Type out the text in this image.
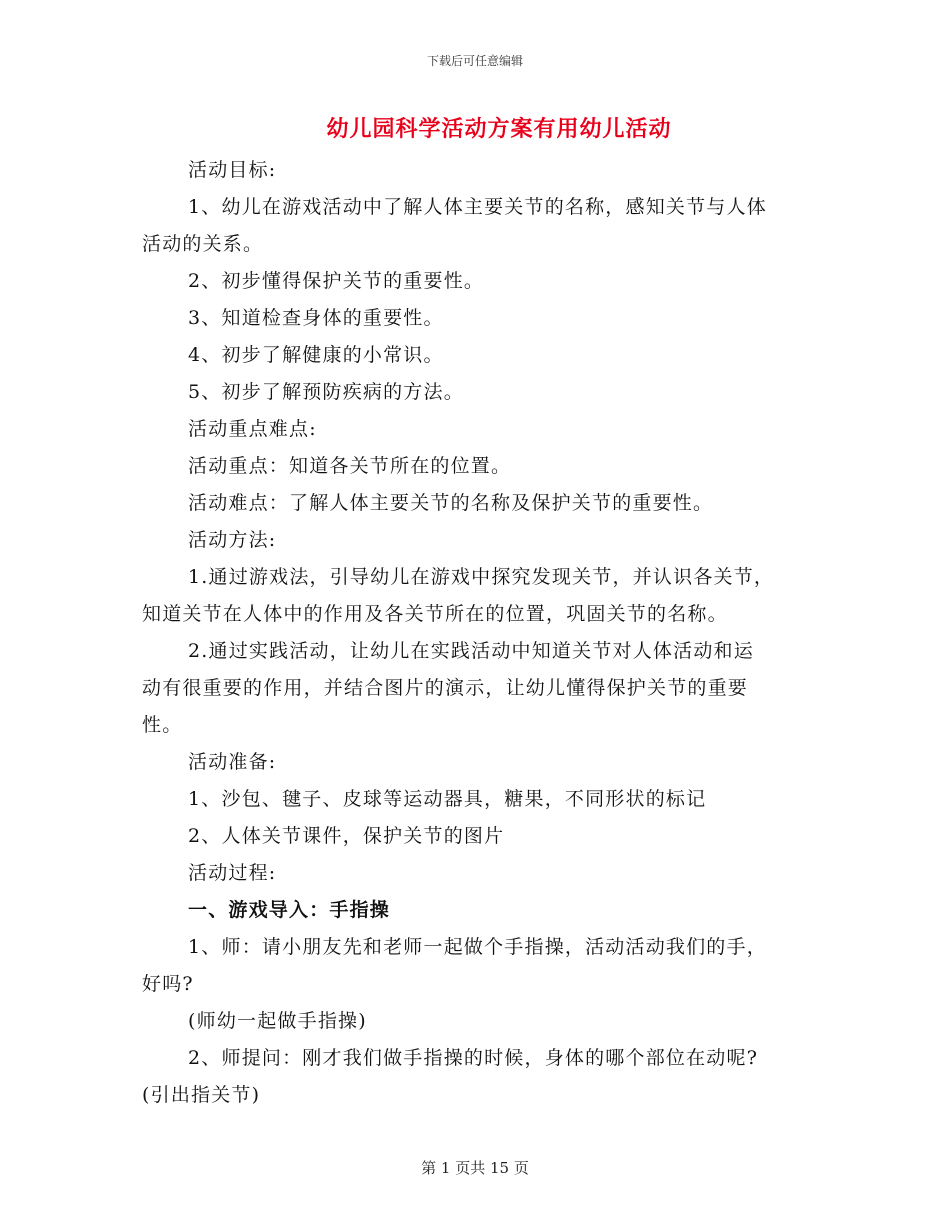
下载后可任意编辑
幼儿园科学活动方案有用幼儿活动

活动目标:

1、幼儿在游戏活动中了解人体主要关节的名称，感知关节与人体

活动的关系。

2、初步懂得保护关节的重要性。

3、知道检查身体的重要性。

4、初步了解健康的小常识。

5、初步了解预防疾病的方法。

活动重点难点:

活动重点：知道各关节所在的位置。

活动难点：了解人体主要关节的名称及保护关节的重要性。

活动方法:

1.通过游戏法，引导幼儿在游戏中探究发现关节，并认识各关节，

知道关节在人体中的作用及各关节所在的位置，巩固关节的名称。

2.通过实践活动，让幼儿在实践活动中知道关节对人体活动和运

动有很重要的作用，并结合图片的演示，让幼儿懂得保护关节的重要

性。

活动准备:

1、沙包、毽子、皮球等运动器具，糖果，不同形状的标记

2、人体关节课件，保护关节的图片

活动过程:

一、游戏导入：手指操

1、师：请小朋友先和老师一起做个手指操，活动活动我们的手，

好吗?

(师幼一起做手指操)

2、师提问：刚才我们做手指操的时候，身体的哪个部位在动呢?

(引出指关节)

第 1 页共 15 页
